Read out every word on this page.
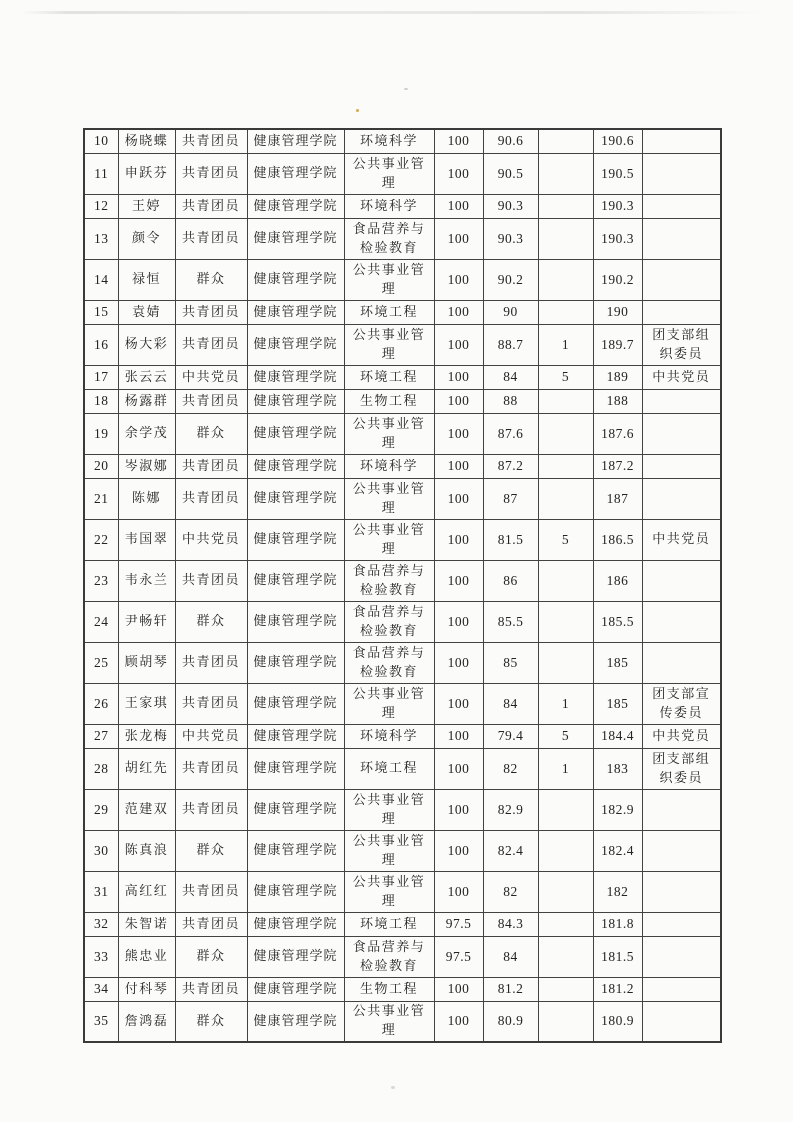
10	杨晓蝶	共青团员	健康管理学院	环境科学	100	90.6		190.6	
11	申跃芬	共青团员	健康管理学院	公共事业管理	100	90.5		190.5	
12	王婷	共青团员	健康管理学院	环境科学	100	90.3		190.3	
13	颜令	共青团员	健康管理学院	食品营养与检验教育	100	90.3		190.3	
14	禄恒	群众	健康管理学院	公共事业管理	100	90.2		190.2	
15	袁婧	共青团员	健康管理学院	环境工程	100	90		190	
16	杨大彩	共青团员	健康管理学院	公共事业管理	100	88.7	1	189.7	团支部组织委员
17	张云云	中共党员	健康管理学院	环境工程	100	84	5	189	中共党员
18	杨露群	共青团员	健康管理学院	生物工程	100	88		188	
19	余学茂	群众	健康管理学院	公共事业管理	100	87.6		187.6	
20	岑淑娜	共青团员	健康管理学院	环境科学	100	87.2		187.2	
21	陈娜	共青团员	健康管理学院	公共事业管理	100	87		187	
22	韦国翠	中共党员	健康管理学院	公共事业管理	100	81.5	5	186.5	中共党员
23	韦永兰	共青团员	健康管理学院	食品营养与检验教育	100	86		186	
24	尹畅轩	群众	健康管理学院	食品营养与检验教育	100	85.5		185.5	
25	顾胡琴	共青团员	健康管理学院	食品营养与检验教育	100	85		185	
26	王家琪	共青团员	健康管理学院	公共事业管理	100	84	1	185	团支部宣传委员
27	张龙梅	中共党员	健康管理学院	环境科学	100	79.4	5	184.4	中共党员
28	胡红先	共青团员	健康管理学院	环境工程	100	82	1	183	团支部组织委员
29	范建双	共青团员	健康管理学院	公共事业管理	100	82.9		182.9	
30	陈真浪	群众	健康管理学院	公共事业管理	100	82.4		182.4	
31	高红红	共青团员	健康管理学院	公共事业管理	100	82		182	
32	朱智诺	共青团员	健康管理学院	环境工程	97.5	84.3		181.8	
33	熊忠业	群众	健康管理学院	食品营养与检验教育	97.5	84		181.5	
34	付科琴	共青团员	健康管理学院	生物工程	100	81.2		181.2	
35	詹鸿磊	群众	健康管理学院	公共事业管理	100	80.9		180.9	
